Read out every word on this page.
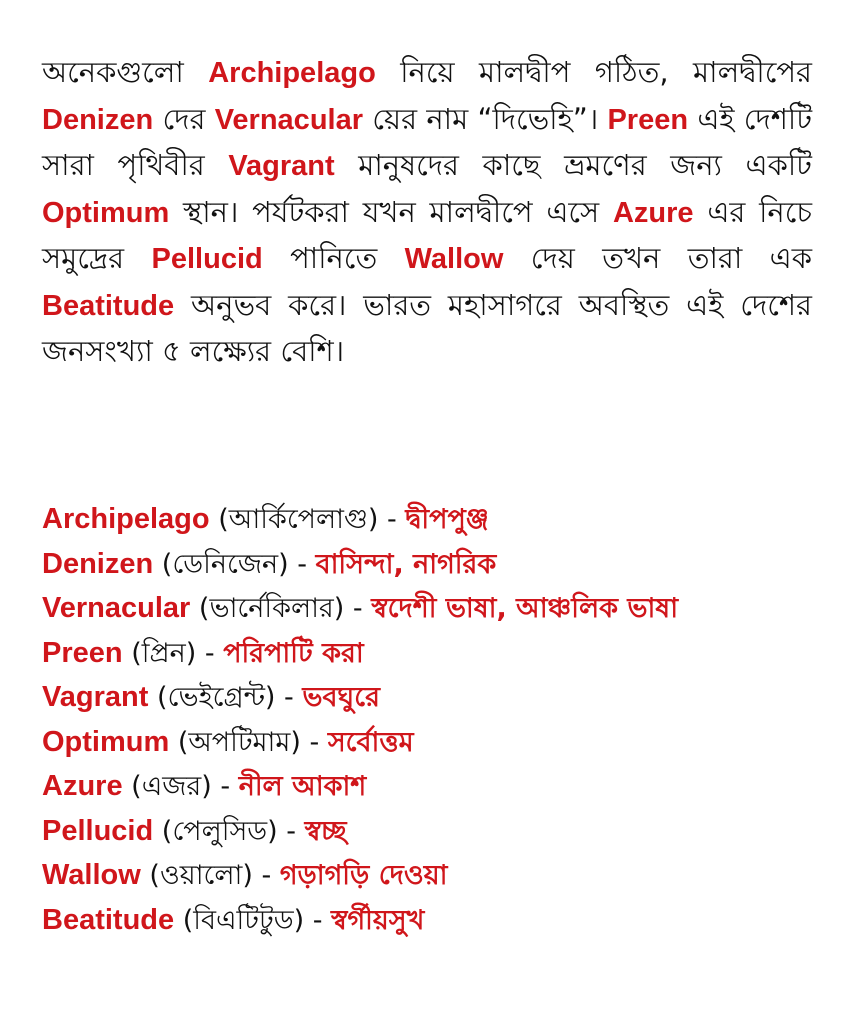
অনেকগুলো Archipelago নিয়ে মালদ্বীপ গঠিত, মালদ্বীপের Denizen দের Vernacular য়ের নাম “দিভেহি”। Preen এই দেশটি সারা পৃথিবীর Vagrant মানুষদের কাছে ভ্রমণের জন্য একটি Optimum স্থান। পর্যটকরা যখন মালদ্বীপে এসে Azure এর নিচে সমুদ্রের Pellucid পানিতে Wallow দেয় তখন তারা এক Beatitude অনুভব করে। ভারত মহাসাগরে অবস্থিত এই দেশের জনসংখ্যা ৫ লক্ষ্যের বেশি।
Archipelago (আর্কিপেলাগু) - দ্বীপপুঞ্জ
Denizen (ডেনিজেন) - বাসিন্দা, নাগরিক
Vernacular (ভার্নেকিলার) - স্বদেশী ভাষা, আঞ্চলিক ভাষা
Preen (প্রিন) - পরিপাটি করা
Vagrant (ভেইগ্রেন্ট) - ভবঘুরে
Optimum (অপটিমাম) - সর্বোত্তম
Azure (এজর) - নীল আকাশ
Pellucid (পেলুসিড) - স্বচ্ছ
Wallow (ওয়ালো) - গড়াগড়ি দেওয়া
Beatitude (বিএটিটুড) - স্বর্গীয়সুখ
